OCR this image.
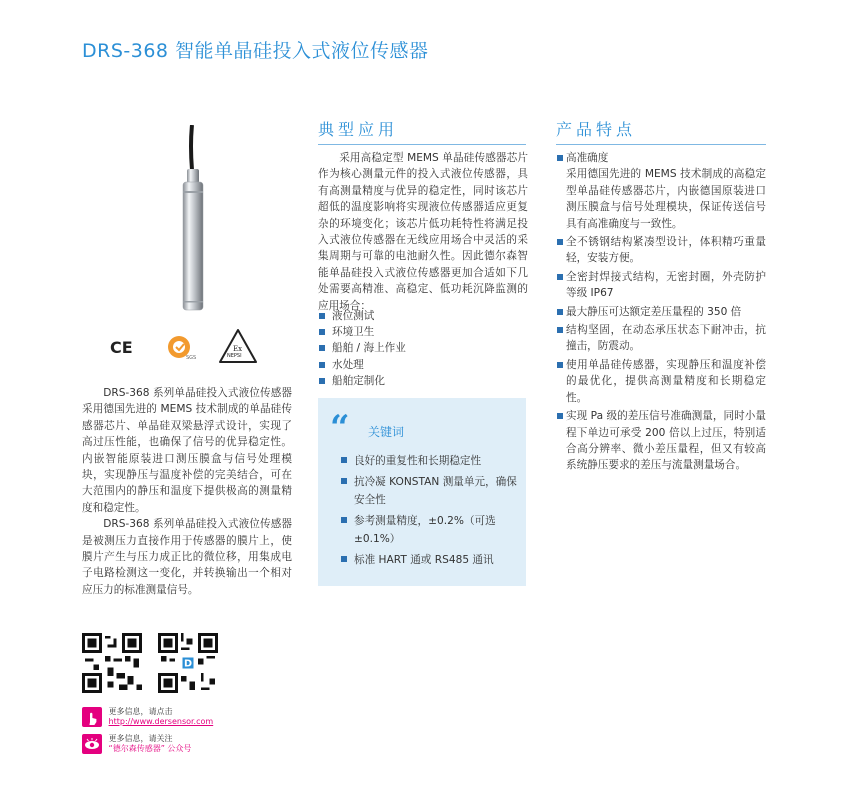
DRS-368 智能单晶硅投入式液位传感器
CE
SGS
Ex
NEPSI

DRS-368 系列单晶硅投入式液位传感器采用德国先进的 MEMS 技术制成的单晶硅传感器芯片、单晶硅双梁悬浮式设计，实现了高过压性能，也确保了信号的优异稳定性。内嵌智能原装进口测压膜盒与信号处理模块，实现静压与温度补偿的完美结合，可在大范围内的静压和温度下提供极高的测量精度和稳定性。

DRS-368 系列单晶硅投入式液位传感器是被测压力直接作用于传感器的膜片上，使膜片产生与压力成正比的微位移，用集成电子电路检测这一变化，并转换输出一个相对应压力的标准测量信号。

典型应用

采用高稳定型 MEMS 单晶硅传感器芯片作为核心测量元件的投入式液位传感器，具有高测量精度与优异的稳定性，同时该芯片超低的温度影响将实现液位传感器适应更复杂的环境变化；该芯片低功耗特性将满足投入式液位传感器在无线应用场合中灵活的采集周期与可靠的电池耐久性。因此德尔森智能单晶硅投入式液位传感器更加合适如下几处需要高精准、高稳定、低功耗沉降监测的应用场合：

液位测试
环境卫生
船舶 / 海上作业
水处理
船舶定制化
“ 关键词
良好的重复性和长期稳定性
抗冷凝 KONSTAN 测量单元，确保安全性
参考测量精度，±0.2%（可选 ±0.1%）
标准 HART 通或 RS485 通讯
产品特点
高准确度
采用德国先进的 MEMS 技术制成的高稳定型单晶硅传感器芯片，内嵌德国原装进口测压膜盒与信号处理模块，保证传送信号具有高准确度与一致性。
全不锈钢结构紧凑型设计，体积精巧重量轻，安装方便。
全密封焊接式结构，无密封圈，外壳防护等级 IP67
最大静压可达额定差压量程的 350 倍
结构坚固，在动态承压状态下耐冲击，抗撞击，防震动。
使用单晶硅传感器，实现静压和温度补偿的最优化，提供高测量精度和长期稳定性。
实现 Pa 级的差压信号准确测量，同时小量程下单边可承受 200 倍以上过压，特别适合高分辨率、微小差压量程，但又有较高系统静压要求的差压与流量测量场合。
D
更多信息，请点击
http://www.dersensor.com
更多信息，请关注
“德尔森传感器” 公众号
